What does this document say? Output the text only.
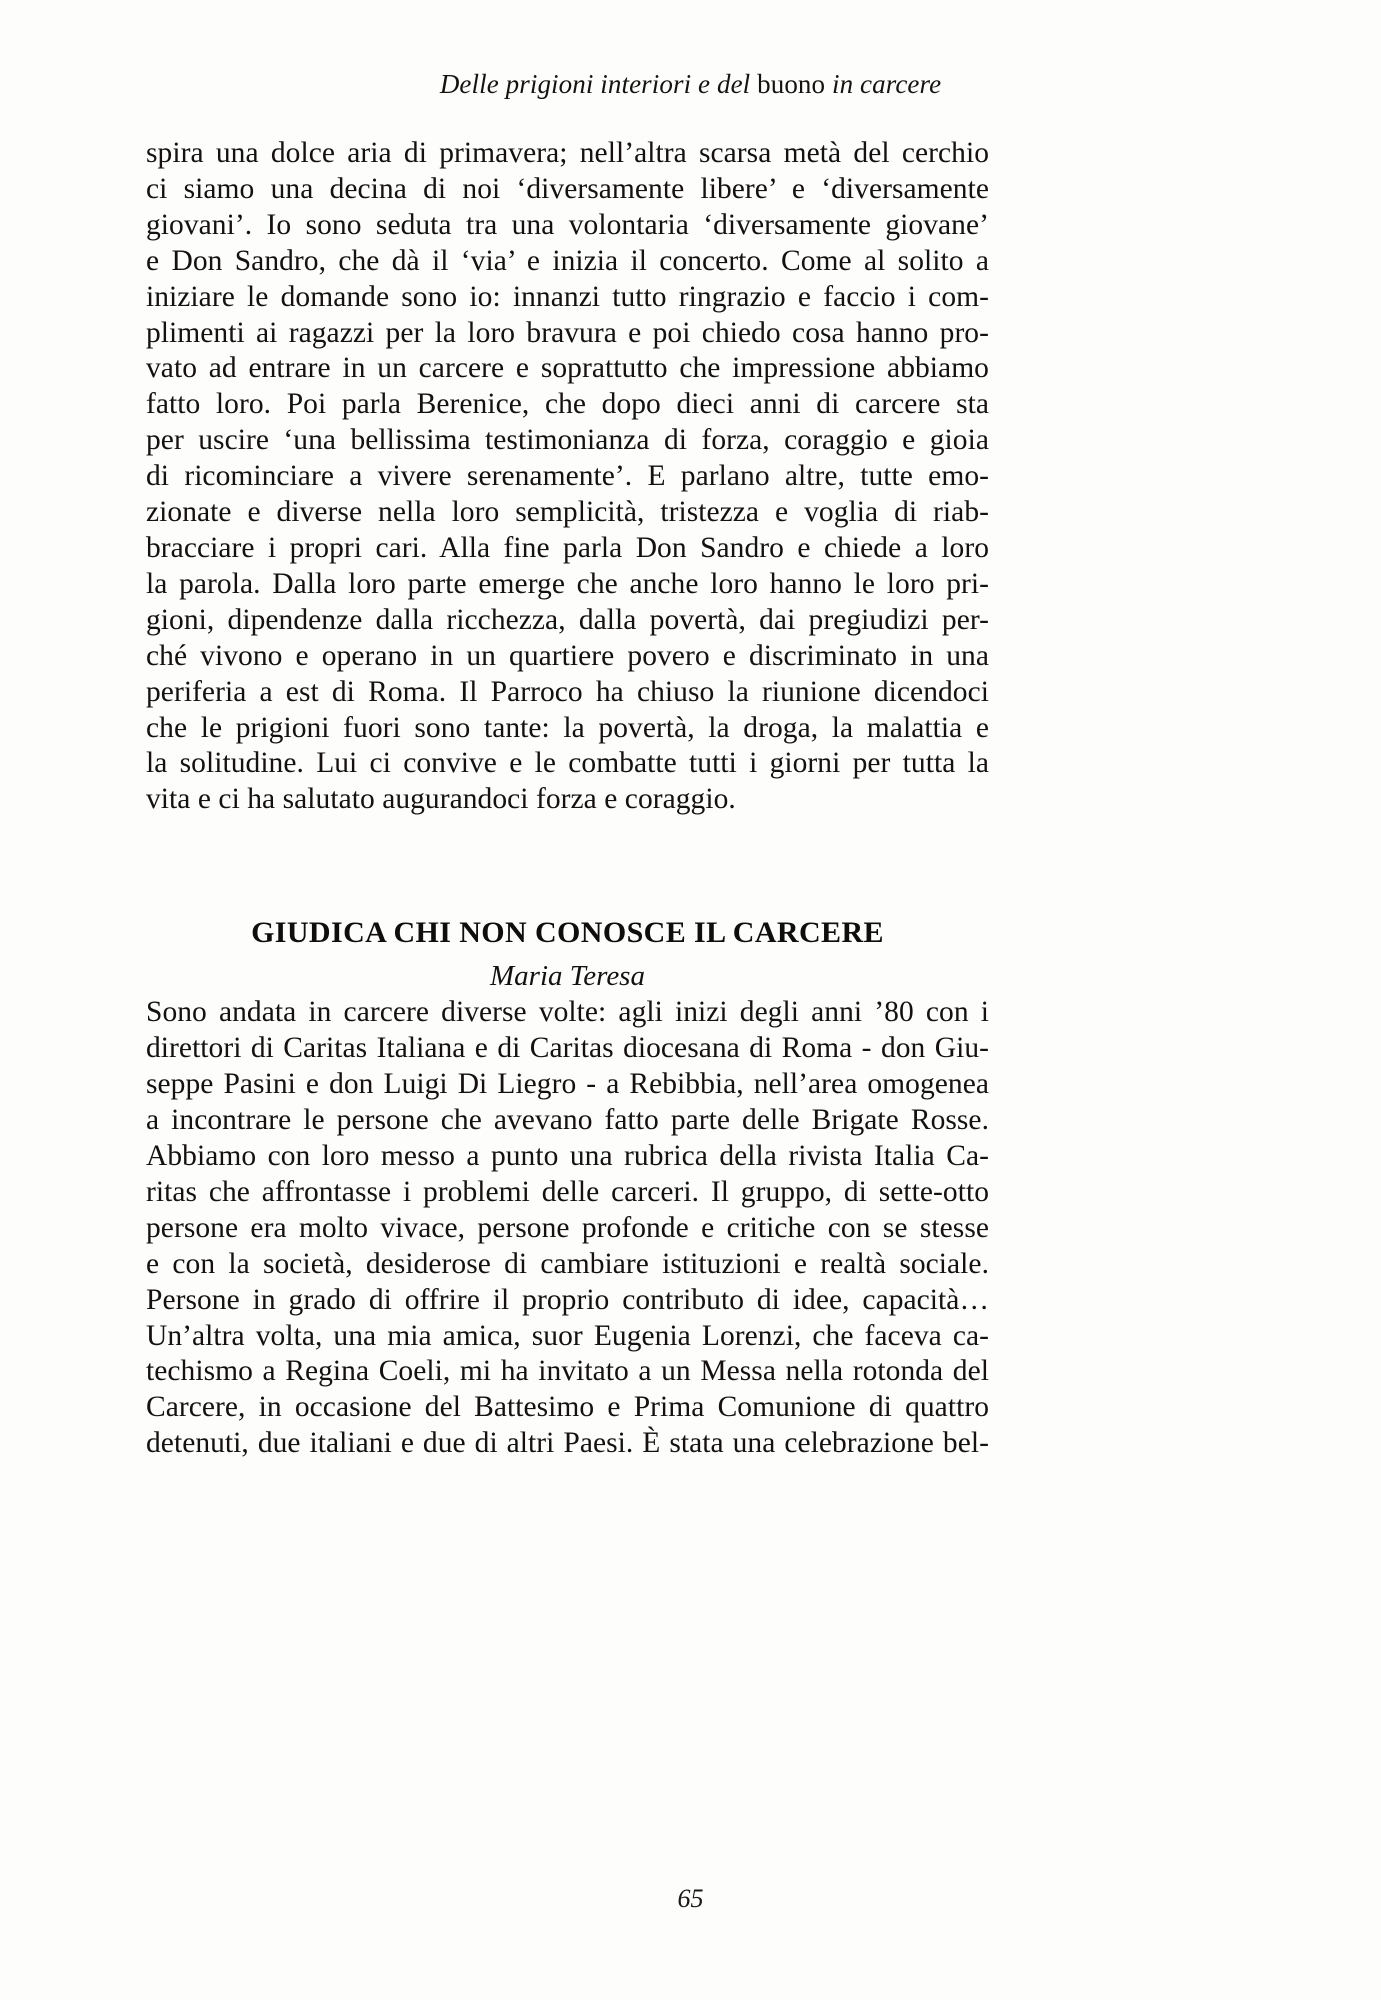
Delle prigioni interiori e del buono in carcere

spira una dolce aria di primavera; nell’altra scarsa metà del cerchio
ci siamo una decina di noi ‘diversamente libere’ e ‘diversamente
giovani’. Io sono seduta tra una volontaria ‘diversamente giovane’
e Don Sandro, che dà il ‘via’ e inizia il concerto. Come al solito a
iniziare le domande sono io: innanzi tutto ringrazio e faccio i com-
plimenti ai ragazzi per la loro bravura e poi chiedo cosa hanno pro-
vato ad entrare in un carcere e soprattutto che impressione abbiamo
fatto loro. Poi parla Berenice, che dopo dieci anni di carcere sta
per uscire ‘una bellissima testimonianza di forza, coraggio e gioia
di ricominciare a vivere serenamente’. E parlano altre, tutte emo-
zionate e diverse nella loro semplicità, tristezza e voglia di riab-
bracciare i propri cari. Alla fine parla Don Sandro e chiede a loro
la parola. Dalla loro parte emerge che anche loro hanno le loro pri-
gioni, dipendenze dalla ricchezza, dalla povertà, dai pregiudizi per-
ché vivono e operano in un quartiere povero e discriminato in una
periferia a est di Roma. Il Parroco ha chiuso la riunione dicendoci
che le prigioni fuori sono tante: la povertà, la droga, la malattia e
la solitudine. Lui ci convive e le combatte tutti i giorni per tutta la
vita e ci ha salutato augurandoci forza e coraggio.

GIUDICA CHI NON CONOSCE IL CARCERE
Maria Teresa

Sono andata in carcere diverse volte: agli inizi degli anni ’80 con i
direttori di Caritas Italiana e di Caritas diocesana di Roma - don Giu-
seppe Pasini e don Luigi Di Liegro - a Rebibbia, nell’area omogenea
a incontrare le persone che avevano fatto parte delle Brigate Rosse.
Abbiamo con loro messo a punto una rubrica della rivista Italia Ca-
ritas che affrontasse i problemi delle carceri. Il gruppo, di sette-otto
persone era molto vivace, persone profonde e critiche con se stesse
e con la società, desiderose di cambiare istituzioni e realtà sociale.
Persone in grado di offrire il proprio contributo di idee, capacità…
Un’altra volta, una mia amica, suor Eugenia Lorenzi, che faceva ca-
techismo a Regina Coeli, mi ha invitato a un Messa nella rotonda del
Carcere, in occasione del Battesimo e Prima Comunione di quattro
detenuti, due italiani e due di altri Paesi. È stata una celebrazione bel-

65
